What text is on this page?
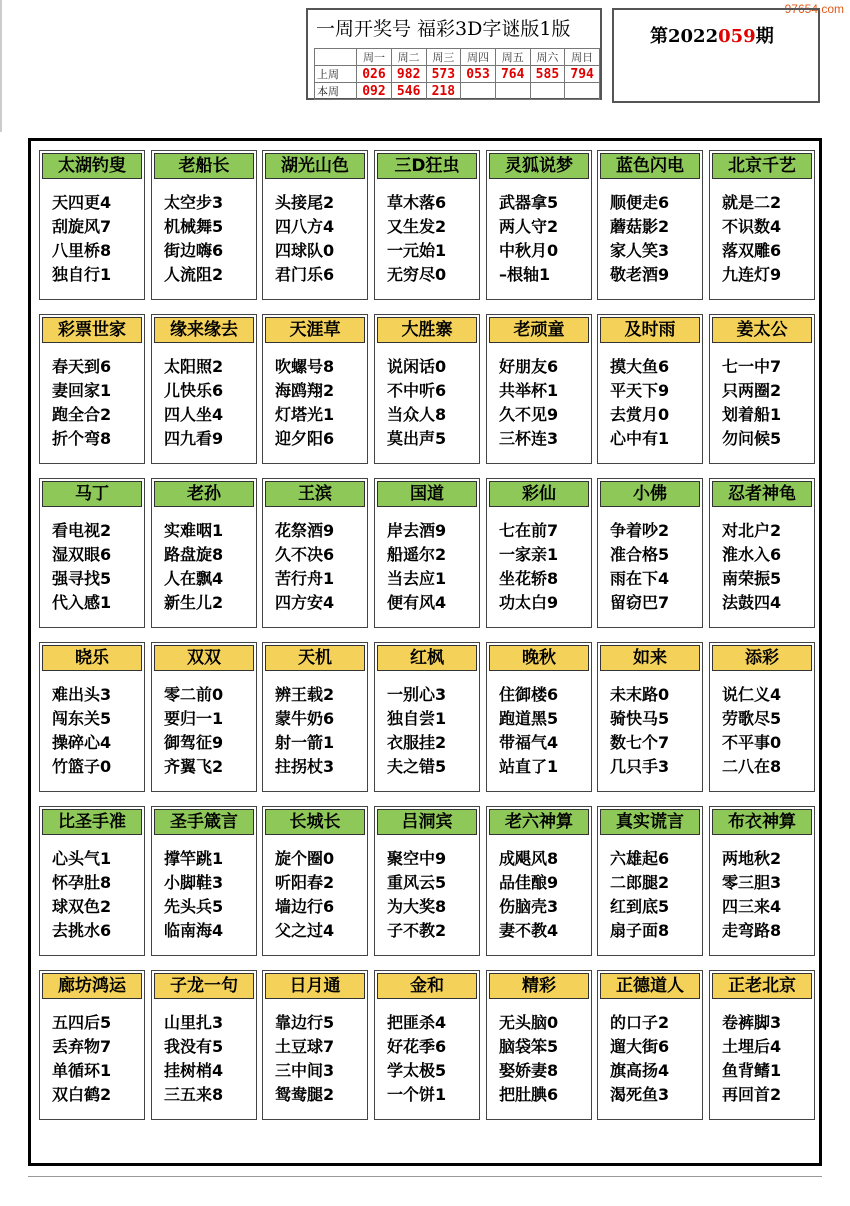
97654.com
一周开奖号 福彩3D字谜版1版
	周一	周二	周三	周四	周五	周六	周日
上周	026	982	573	053	764	585	794
本周	092	546	218				
第2022059期
太湖钓叟
天四更4
刮旋风7
八里桥8
独自行1
老船长
太空步3
机械舞5
街边嗨6
人流阻2
湖光山色
头接尾2
四八方4
四球队0
君门乐6
三D狂虫
草木落6
又生发2
一元始1
无穷尽0
灵狐说梦
武器拿5
两人守2
中秋月0
–根轴1
蓝色闪电
顺便走6
蘑菇影2
家人笑3
敬老酒9
北京千艺
就是二2
不识数4
落双雕6
九连灯9
彩票世家
春天到6
妻回家1
跑全合2
折个弯8
缘来缘去
太阳照2
儿快乐6
四人坐4
四九看9
天涯草
吹螺号8
海鸥翔2
灯塔光1
迎夕阳6
大胜寨
说闲话0
不中听6
当众人8
莫出声5
老顽童
好朋友6
共举杯1
久不见9
三杯连3
及时雨
摸大鱼6
平天下9
去赏月0
心中有1
姜太公
七一中7
只两圈2
划着船1
勿问候5
马丁
看电视2
湿双眼6
强寻找5
代入感1
老孙
实难咽1
路盘旋8
人在飘4
新生儿2
王滨
花祭酒9
久不决6
苦行舟1
四方安4
国道
岸去酒9
船遥尔2
当去应1
便有风4
彩仙
七在前7
一家亲1
坐花轿8
功太白9
小佛
争着吵2
准合格5
雨在下4
留窃巴7
忍者神龟
对北户2
淮水入6
南荣振5
法鼓四4
晓乐
难出头3
闯东关5
操碎心4
竹篮子0
双双
零二前0
要归一1
御驾征9
齐翼飞2
天机
辨王载2
蒙牛奶6
射一箭1
拄拐杖3
红枫
一别心3
独自尝1
衣服挂2
夫之错5
晚秋
住御楼6
跑道黑5
带福气4
站直了1
如来
未末路0
骑快马5
数七个7
几只手3
添彩
说仁义4
劳歌尽5
不平事0
二八在8
比圣手准
心头气1
怀孕肚8
球双色2
去挑水6
圣手箴言
撑竿跳1
小脚鞋3
先头兵5
临南海4
长城长
旋个圈0
听阳春2
墙边行6
父之过4
吕洞宾
聚空中9
重风云5
为大奖8
子不教2
老六神算
成飓风8
品佳酿9
伤脑壳3
妻不教4
真实谎言
六雄起6
二郎腿2
红到底5
扇子面8
布衣神算
两地秋2
零三胆3
四三来4
走弯路8
廊坊鸿运
五四后5
丢弃物7
单循环1
双白鹤2
子龙一句
山里扎3
我没有5
挂树梢4
三五来8
日月通
靠边行5
土豆球7
三中间3
鸳鸯腿2
金和
把匪杀4
好花季6
学太极5
一个饼1
精彩
无头脑0
脑袋笨5
娶娇妻8
把肚腆6
正德道人
的口子2
遛大街6
旗高扬4
渴死鱼3
正老北京
卷裤脚3
土埋后4
鱼背鳍1
再回首2
